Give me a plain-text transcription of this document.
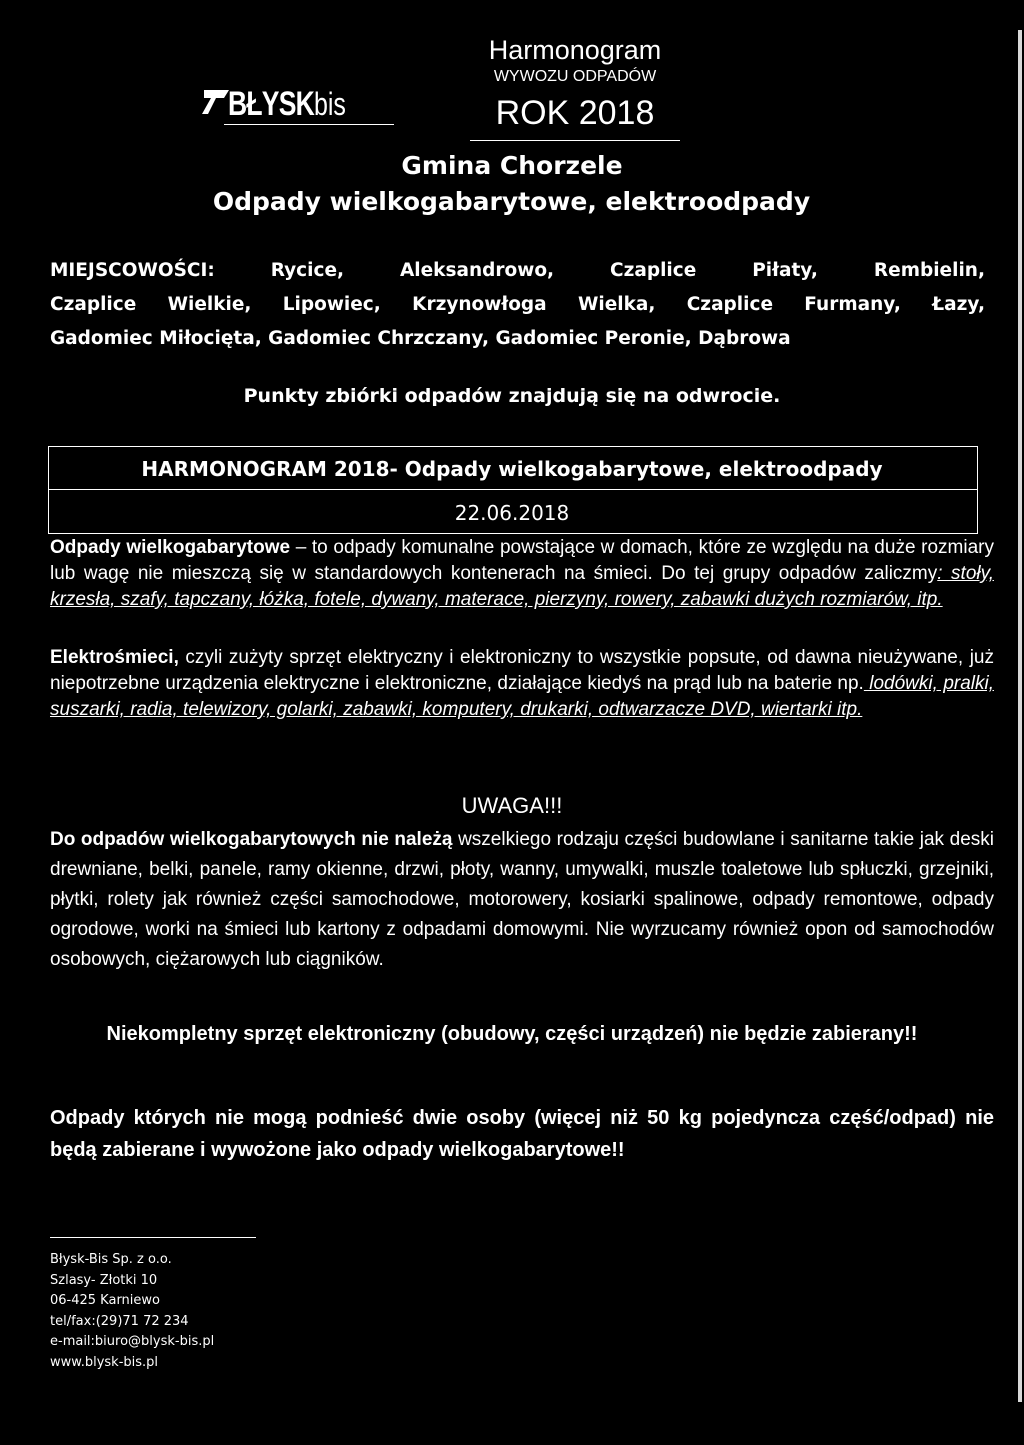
BŁYSKbis
Harmonogram
WYWOZU ODPADÓW
ROK 2018
Gmina Chorzele
Odpady wielkogabarytowe, elektroodpady

MIEJSCOWOŚCI: Rycice, Aleksandrowo, Czaplice Piłaty, Rembielin,

Czaplice Wielkie, Lipowiec, Krzynowłoga Wielka, Czaplice Furmany, Łazy,

Gadomiec Miłocięta, Gadomiec Chrzczany, Gadomiec Peronie, Dąbrowa

Punkty zbiórki odpadów znajdują się na odwrocie.
HARMONOGRAM 2018- Odpady wielkogabarytowe, elektroodpady
22.06.2018

Odpady wielkogabarytowe – to odpady komunalne powstające w domach, które ze względu na duże rozmiary lub wagę nie mieszczą się w standardowych kontenerach na śmieci. Do tej grupy odpadów zaliczmy: stoły, krzesła, szafy, tapczany, łóżka, fotele, dywany, materace, pierzyny, rowery, zabawki dużych rozmiarów, itp.

Elektrośmieci, czyli zużyty sprzęt elektryczny i elektroniczny to wszystkie popsute, od dawna nieużywane, już niepotrzebne urządzenia elektryczne i elektroniczne, działające kiedyś na prąd lub na baterie np. lodówki, pralki, suszarki, radia, telewizory, golarki, zabawki, komputery, drukarki, odtwarzacze DVD, wiertarki itp.

UWAGA!!!

Do odpadów wielkogabarytowych nie należą wszelkiego rodzaju części budowlane i sanitarne takie jak deski drewniane, belki, panele, ramy okienne, drzwi, płoty, wanny, umywalki, muszle toaletowe lub spłuczki, grzejniki, płytki, rolety jak również części samochodowe, motorowery, kosiarki spalinowe, odpady remontowe, odpady ogrodowe, worki na śmieci lub kartony z odpadami domowymi. Nie wyrzucamy również opon od samochodów osobowych, ciężarowych lub ciągników.

Niekompletny sprzęt elektroniczny (obudowy, części urządzeń) nie będzie zabierany!!
Odpady których nie mogą podnieść dwie osoby (więcej niż 50 kg pojedyncza część/odpad) nie będą zabierane i wywożone jako odpady wielkogabarytowe!!
Błysk-Bis Sp. z o.o.
Szlasy- Złotki 10
06-425 Karniewo
tel/fax:(29)71 72 234
e-mail:biuro@blysk-bis.pl
www.blysk-bis.pl
